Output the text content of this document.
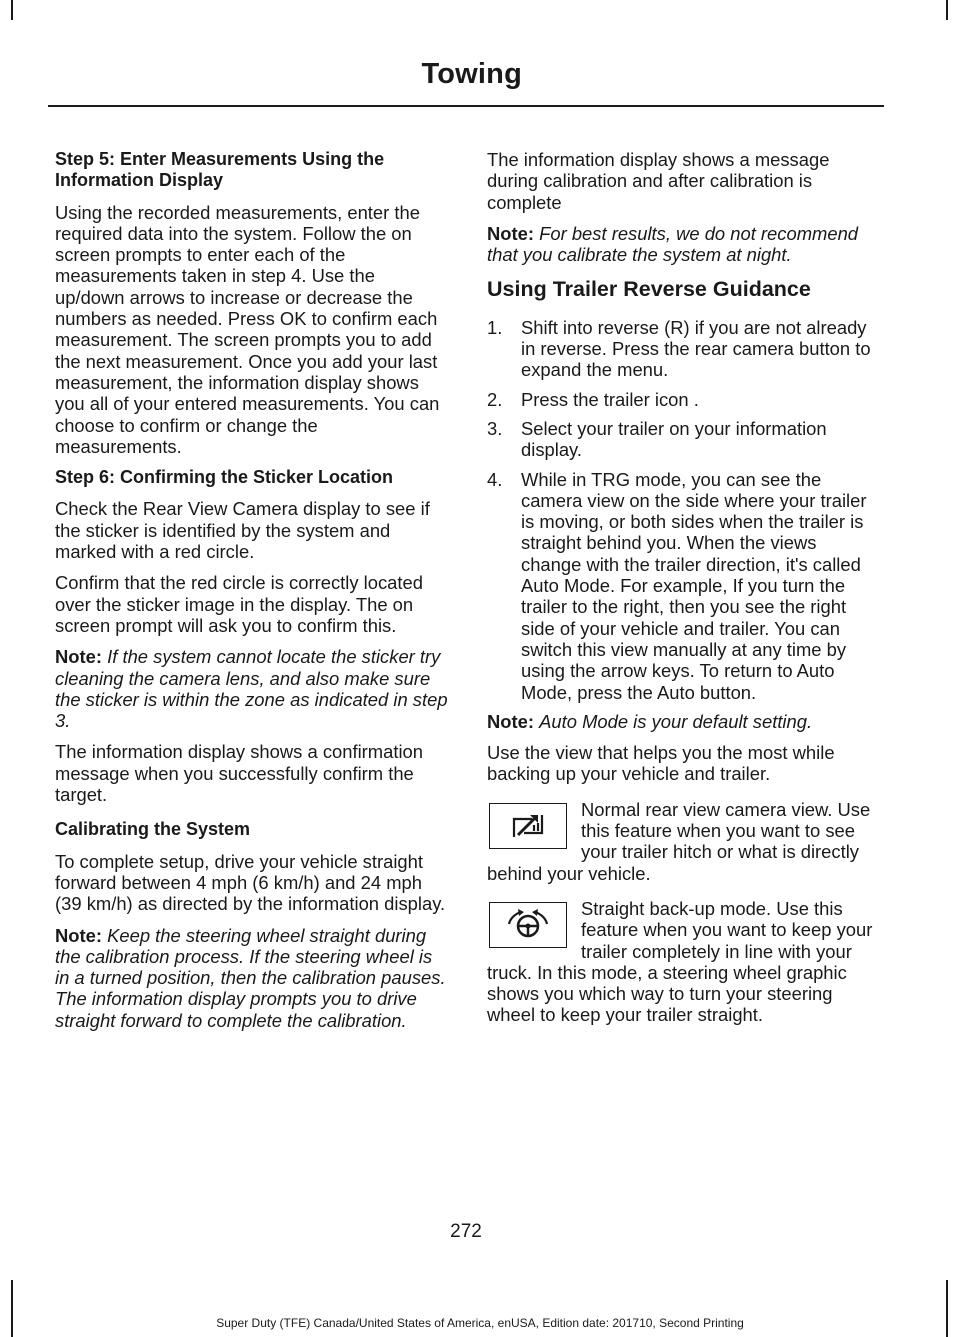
Towing

Step 5: Enter Measurements Using the Information Display

Using the recorded measurements, enter the required data into the system. Follow the on screen prompts to enter each of the measurements taken in step 4. Use the up/down arrows to increase or decrease the numbers as needed. Press OK to confirm each measurement. The screen prompts you to add the next measurement. Once you add your last measurement, the information display shows you all of your entered measurements. You can choose to confirm or change the measurements.

Step 6: Confirming the Sticker Location

Check the Rear View Camera display to see if the sticker is identified by the system and marked with a red circle.

Confirm that the red circle is correctly located over the sticker image in the display. The on screen prompt will ask you to confirm this.

Note: If the system cannot locate the sticker try cleaning the camera lens, and also make sure the sticker is within the zone as indicated in step 3.

The information display shows a confirmation message when you successfully confirm the target.

Calibrating the System

To complete setup, drive your vehicle straight forward between 4 mph (6 km/h) and 24 mph (39 km/h) as directed by the information display.

Note: Keep the steering wheel straight during the calibration process. If the steering wheel is in a turned position, then the calibration pauses. The information display prompts you to drive straight forward to complete the calibration.

The information display shows a message during calibration and after calibration is complete

Note: For best results, we do not recommend that you calibrate the system at night.

Using Trailer Reverse Guidance

1. Shift into reverse (R) if you are not already in reverse. Press the rear camera button to expand the menu.
2. Press the trailer icon .
3. Select your trailer on your information display.
4. While in TRG mode, you can see the camera view on the side where your trailer is moving, or both sides when the trailer is straight behind you. When the views change with the trailer direction, it's called Auto Mode. For example, If you turn the trailer to the right, then you see the right side of your vehicle and trailer. You can switch this view manually at any time by using the arrow keys. To return to Auto Mode, press the Auto button.

Note: Auto Mode is your default setting.

Use the view that helps you the most while backing up your vehicle and trailer.

Normal rear view camera view. Use this feature when you want to see your trailer hitch or what is directly behind your vehicle.
Straight back-up mode. Use this feature when you want to keep your trailer completely in line with your truck. In this mode, a steering wheel graphic shows you which way to turn your steering wheel to keep your trailer straight.
272
Super Duty (TFE) Canada/United States of America, enUSA, Edition date: 201710, Second Printing
